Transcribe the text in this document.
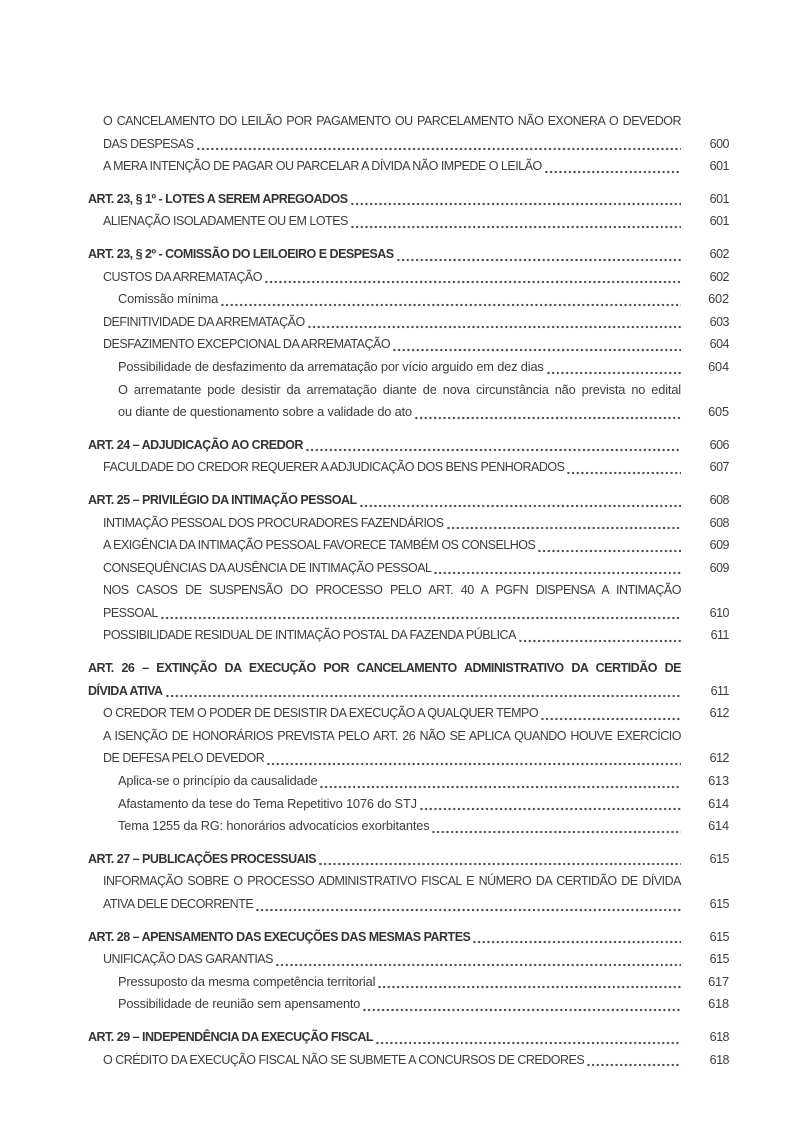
O CANCELAMENTO DO LEILÃO POR PAGAMENTO OU PARCELAMENTO NÃO EXONERA O DEVEDOR
DAS DESPESAS	600
A MERA INTENÇÃO DE PAGAR OU PARCELAR A DÍVIDA NÃO IMPEDE O LEILÃO	601
ART. 23, § 1º - LOTES A SEREM APREGOADOS	601
ALIENAÇÃO ISOLADAMENTE OU EM LOTES	601
ART. 23, § 2º - COMISSÃO DO LEILOEIRO E DESPESAS	602
CUSTOS DA ARREMATAÇÃO	602
Comissão mínima	602
DEFINITIVIDADE DA ARREMATAÇÃO	603
DESFAZIMENTO EXCEPCIONAL DA ARREMATAÇÃO	604
Possibilidade de desfazimento da arrematação por vício arguido em dez dias	604
O arrematante pode desistir da arrematação diante de nova circunstância não prevista no edital
ou diante de questionamento sobre a validade do ato	605
ART. 24 – ADJUDICAÇÃO AO CREDOR	606
FACULDADE DO CREDOR REQUERER A ADJUDICAÇÃO DOS BENS PENHORADOS	607
ART. 25 – PRIVILÉGIO DA INTIMAÇÃO PESSOAL	608
INTIMAÇÃO PESSOAL DOS PROCURADORES FAZENDÁRIOS	608
A EXIGÊNCIA DA INTIMAÇÃO PESSOAL FAVORECE TAMBÉM OS CONSELHOS	609
CONSEQUÊNCIAS DA AUSÊNCIA DE INTIMAÇÃO PESSOAL	609
NOS CASOS DE SUSPENSÃO DO PROCESSO PELO ART. 40 A PGFN DISPENSA A INTIMAÇÃO
PESSOAL	610
POSSIBILIDADE RESIDUAL DE INTIMAÇÃO POSTAL DA FAZENDA PÚBLICA	611
ART. 26 – EXTINÇÃO DA EXECUÇÃO POR CANCELAMENTO ADMINISTRATIVO DA CERTIDÃO DE
DÍVIDA ATIVA	611
O CREDOR TEM O PODER DE DESISTIR DA EXECUÇÃO A QUALQUER TEMPO	612
A ISENÇÃO DE HONORÁRIOS PREVISTA PELO ART. 26 NÃO SE APLICA QUANDO HOUVE EXERCÍCIO
DE DEFESA PELO DEVEDOR	612
Aplica-se o princípio da causalidade	613
Afastamento da tese do Tema Repetitivo 1076 do STJ	614
Tema 1255 da RG: honorários advocatícios exorbitantes	614
ART. 27 – PUBLICAÇÕES PROCESSUAIS	615
INFORMAÇÃO SOBRE O PROCESSO ADMINISTRATIVO FISCAL E NÚMERO DA CERTIDÃO DE DÍVIDA
ATIVA DELE DECORRENTE	615
ART. 28 – APENSAMENTO DAS EXECUÇÕES DAS MESMAS PARTES	615
UNIFICAÇÃO DAS GARANTIAS	615
Pressuposto da mesma competência territorial	617
Possibilidade de reunião sem apensamento	618
ART. 29 – INDEPENDÊNCIA DA EXECUÇÃO FISCAL	618
O CRÉDITO DA EXECUÇÃO FISCAL NÃO SE SUBMETE A CONCURSOS DE CREDORES	618
